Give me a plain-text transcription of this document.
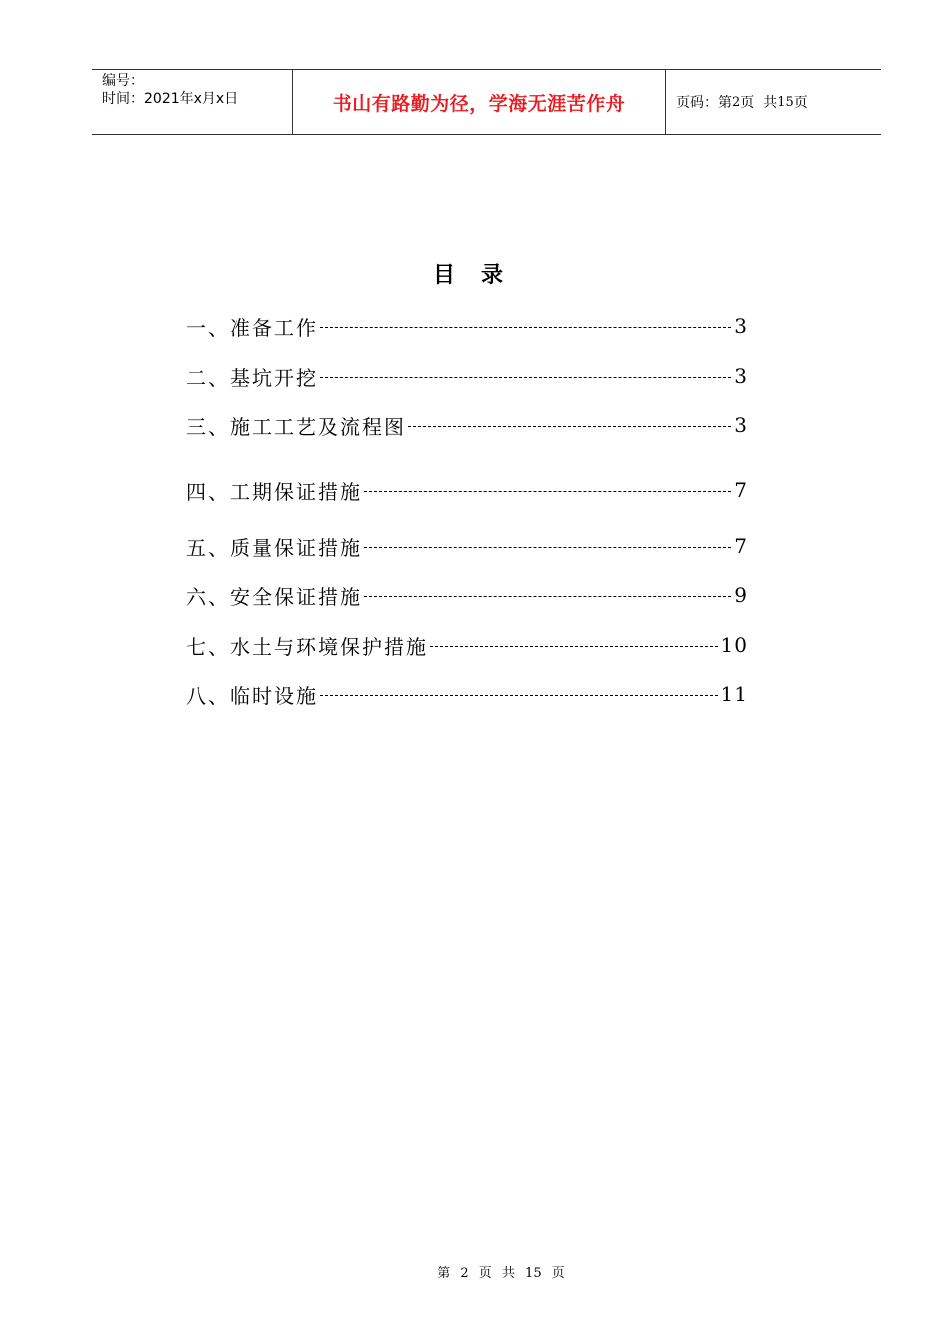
编号：
时间：2021年x月x日	书山有路勤为径，学海无涯苦作舟	页码：第 2 页  共 15 页
目录
一、准备工作	3
二、基坑开挖	3
三、施工工艺及流程图	3
四、工期保证措施	7
五、质量保证措施	7
六、安全保证措施	9
七、水土与环境保护措施	10
八、临时设施	11
第 2 页 共 15 页
